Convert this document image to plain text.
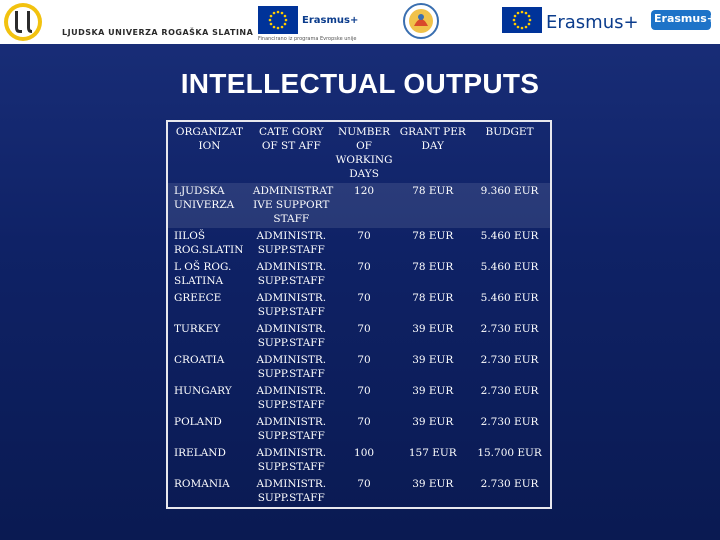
LJUDSKA UNIVERZA ROGAŠKA SLATINA
Erasmus+
Financirano iz programa Evropske unije
Erasmus+ Erasmus+
INTELLECTUAL OUTPUTS
ORGANIZAT ION	CATE GORY OF ST AFF	NUMBER OF WORKING DAYS	GRANT PER DAY	BUDGET
LJUDSKA UNIVERZA	ADMINISTRAT IVE SUPPORT STAFF	120	78 EUR	9.360 EUR
IILOŠ ROG.SLATIN	ADMINISTR. SUPP.STAFF	70	78 EUR	5.460 EUR
L OŠ ROG. SLATINA	ADMINISTR. SUPP.STAFF	70	78 EUR	5.460 EUR
GREECE	ADMINISTR. SUPP.STAFF	70	78 EUR	5.460 EUR
TURKEY	ADMINISTR. SUPP.STAFF	70	39 EUR	2.730 EUR
CROATIA	ADMINISTR. SUPP.STAFF	70	39 EUR	2.730 EUR
HUNGARY	ADMINISTR. SUPP.STAFF	70	39 EUR	2.730 EUR
POLAND	ADMINISTR. SUPP.STAFF	70	39 EUR	2.730 EUR
IRELAND	ADMINISTR. SUPP.STAFF	100	157 EUR	15.700 EUR
ROMANIA	ADMINISTR. SUPP.STAFF	70	39 EUR	2.730 EUR
